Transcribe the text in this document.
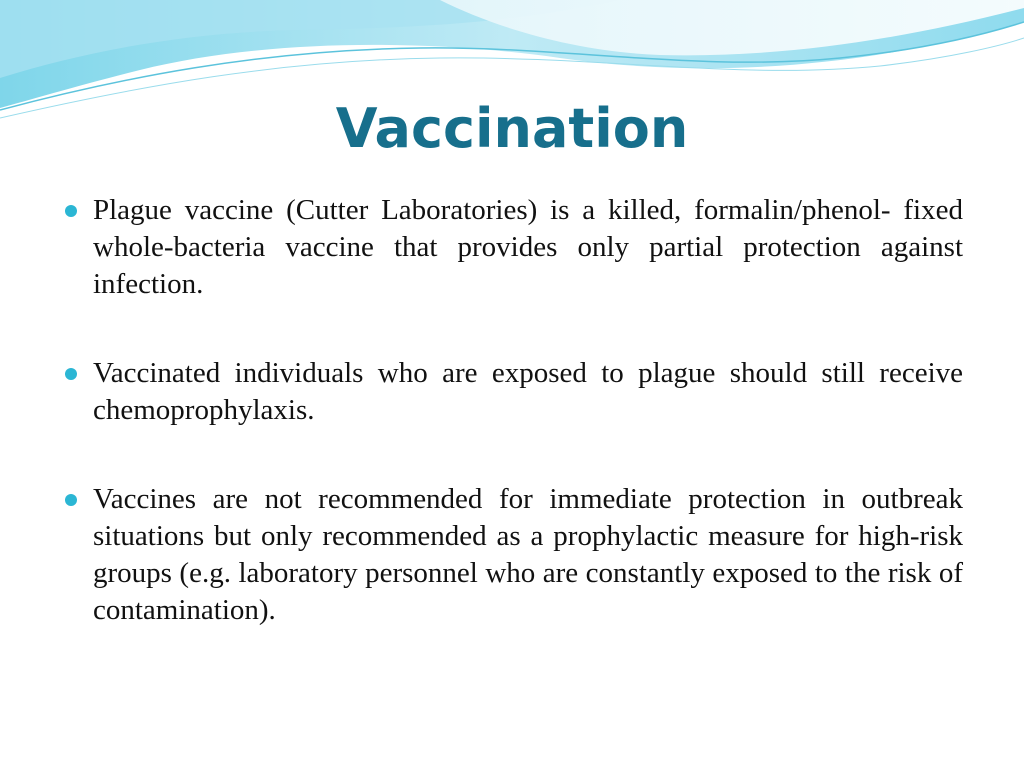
Vaccination
Plague vaccine (Cutter Laboratories) is a killed, formalin/phenol- fixed whole-bacteria vaccine that provides only partial protection against infection.
Vaccinated individuals who are exposed to plague should still receive chemoprophylaxis.
Vaccines are not recommended for immediate protection in outbreak situations but only recommended as a prophylactic measure for high-risk groups (e.g. laboratory personnel who are constantly exposed to the risk of contamination).
